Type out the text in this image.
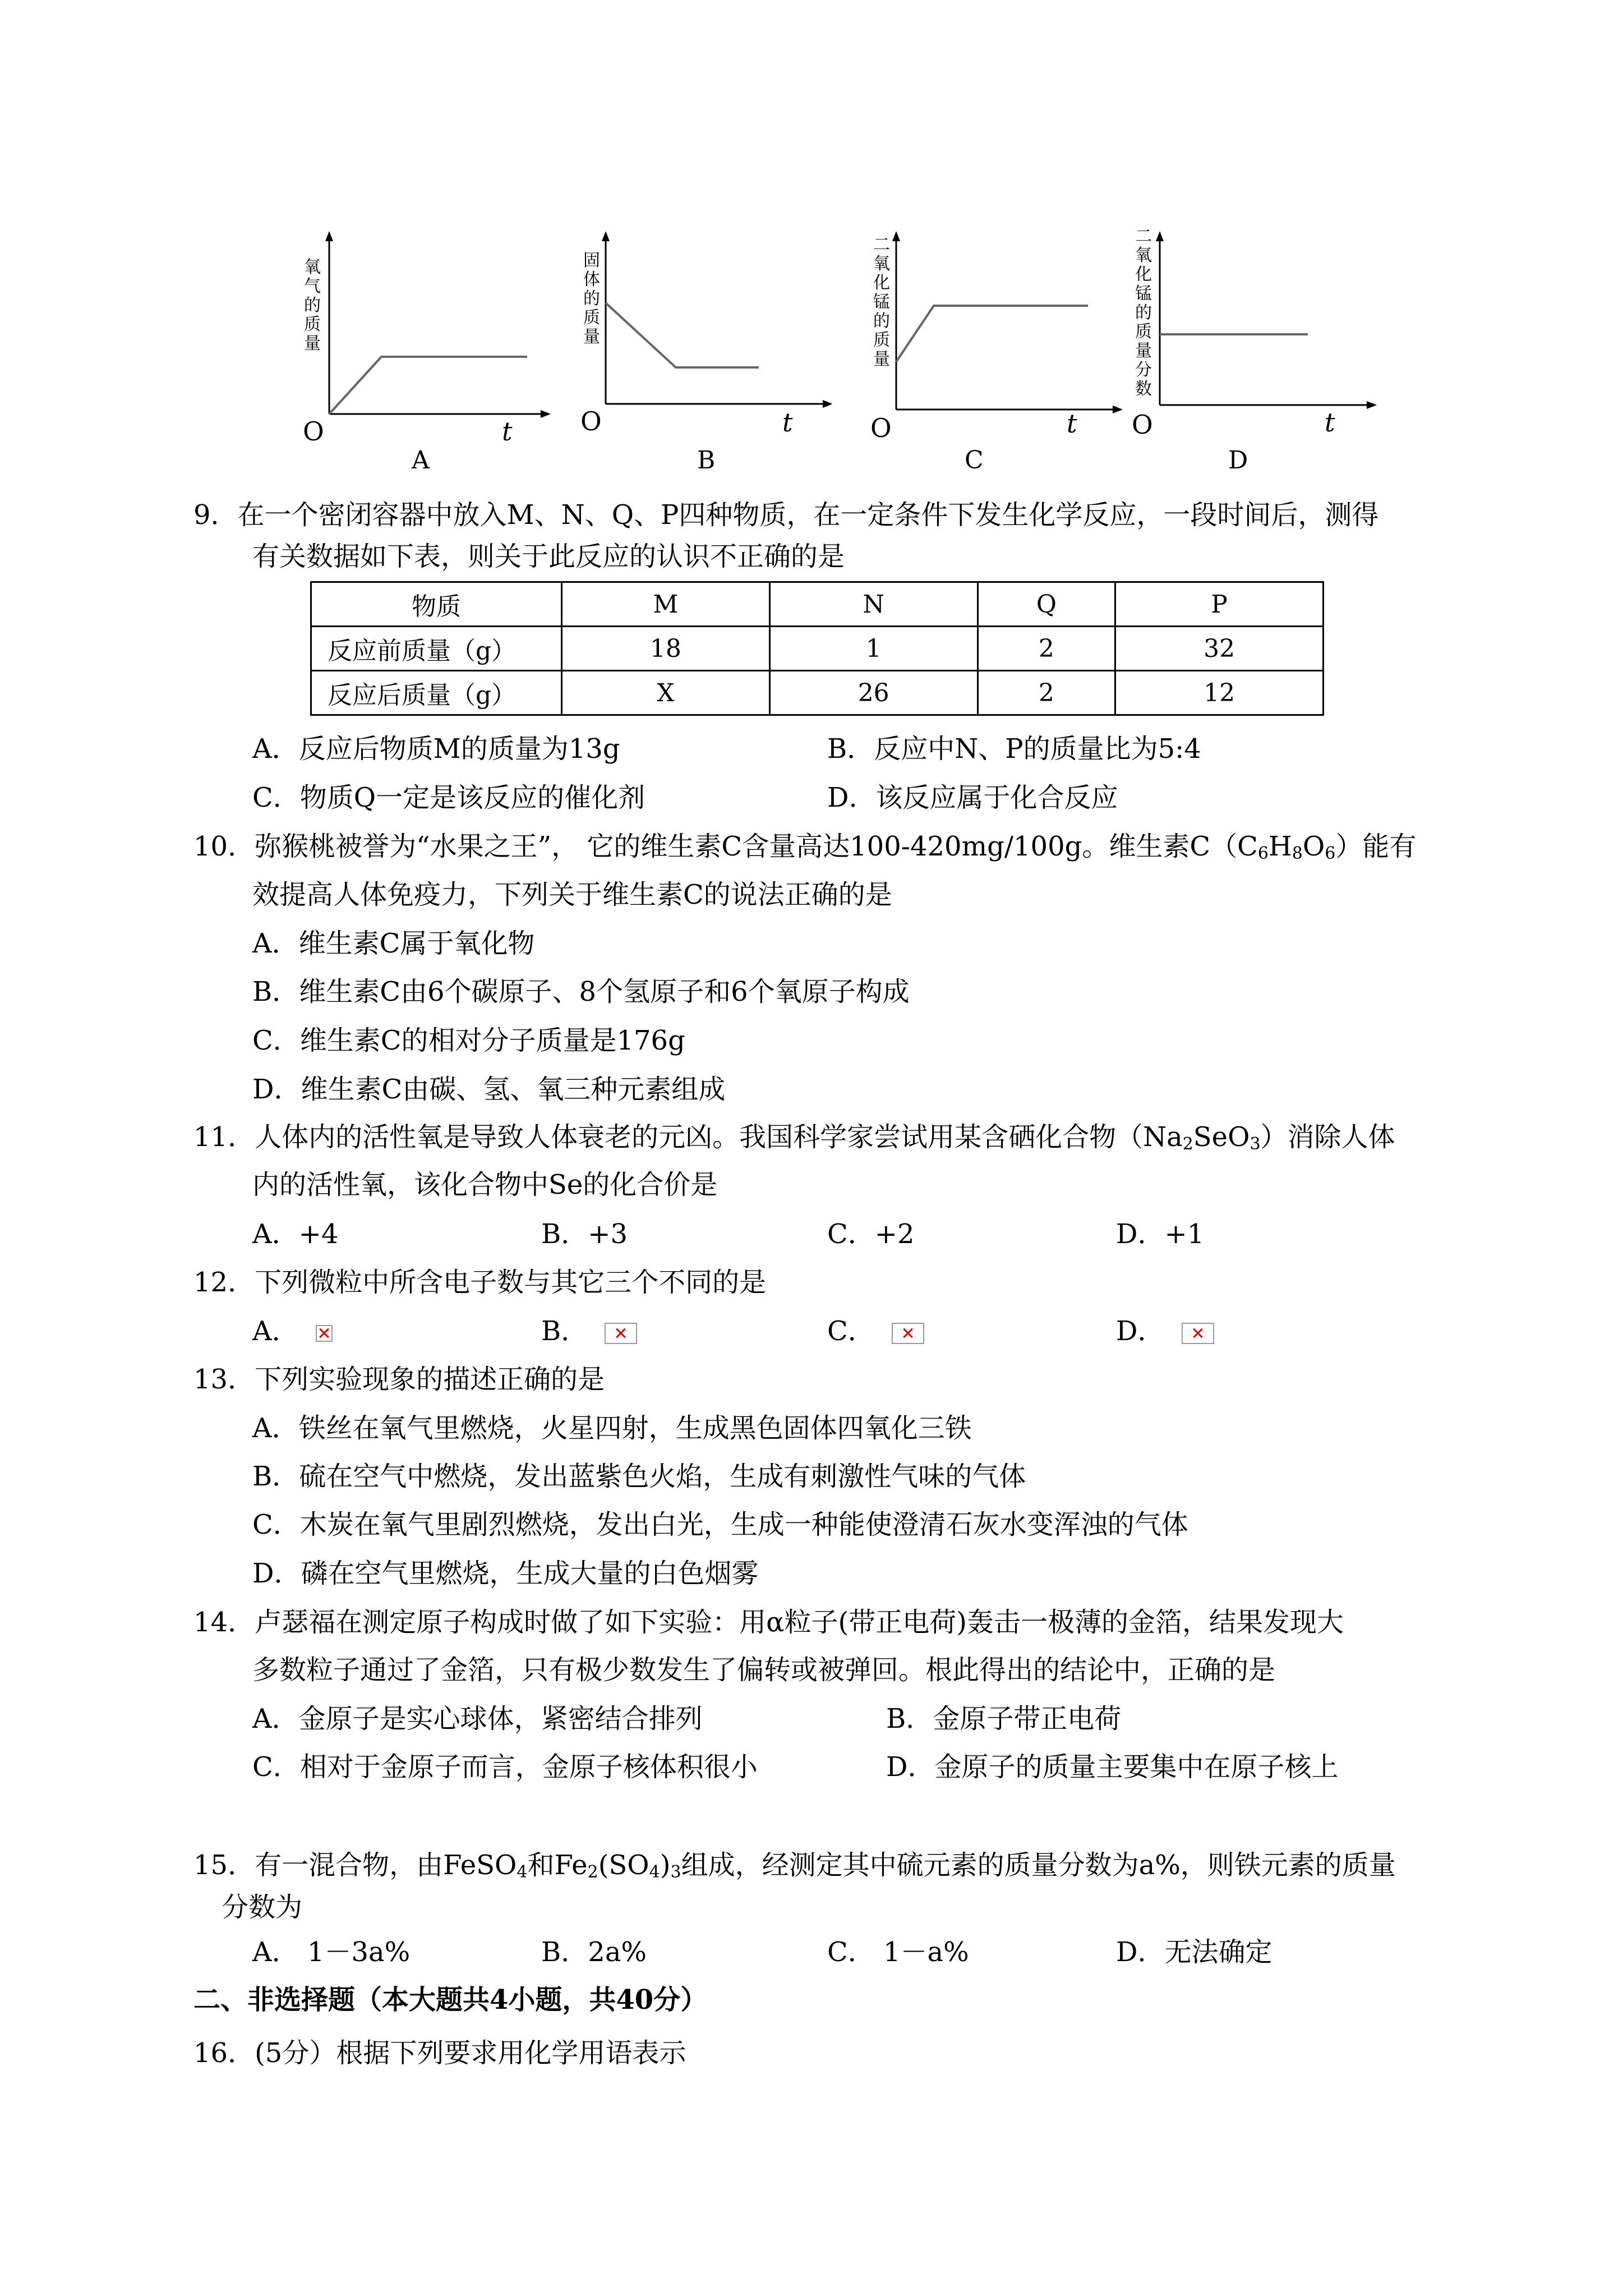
氧气的质量
O	t
A
固体的质量
O	t
B
二氧化锰的质量
O	t
C
二氧化锰的质量分数
O	t
D
9．在一个密闭容器中放入M、N、Q、P四种物质，在一定条件下发生化学反应，一段时间后，测得
有关数据如下表，则关于此反应的认识不正确的是
物质	M	N	Q	P
反应前质量（g）	18	1	2	32
反应后质量（g）	X	26	2	12
A．反应后物质M的质量为13g	B．反应中N、P的质量比为5:4
C．物质Q一定是该反应的催化剂	D．该反应属于化合反应
10．弥猴桃被誉为“水果之王”， 它的维生素C含量高达100-420mg/100g。维生素$C(C_6H_8O_6)$能有
效提高人体免疫力，下列关于维生素C的说法正确的是
A．维生素C属于氧化物
B．维生素C由6个碳原子、8个氢原子和6个氧原子构成
C．维生素C的相对分子质量是176g
D．维生素C由碳、氢、氧三种元素组成
11．人体内的活性氧是导致人体衰老的元凶。我国科学家尝试用某含硒化合物$(Na_2SeO_3)$消除人体
内的活性氧，该化合物中Se的化合价是
A．+4	B．+3	C．+2	D．+1
12．下列微粒中所含电子数与其它三个不同的是
A．	B．	C．	D．
13．下列实验现象的描述正确的是
A．铁丝在氧气里燃烧，火星四射，生成黑色固体四氧化三铁
B．硫在空气中燃烧，发出蓝紫色火焰，生成有刺激性气味的气体
C．木炭在氧气里剧烈燃烧，发出白光，生成一种能使澄清石灰水变浑浊的气体
D．磷在空气里燃烧，生成大量的白色烟雾
14．卢瑟福在测定原子构成时做了如下实验：用α粒子(带正电荷)轰击一极薄的金箔，结果发现大
多数粒子通过了金箔，只有极少数发生了偏转或被弹回。根此得出的结论中，正确的是
A．金原子是实心球体，紧密结合排列	B．金原子带正电荷
C．相对于金原子而言，金原子核体积很小	D．金原子的质量主要集中在原子核上
15．有一混合物，由FeSO$_4$和$Fe_2(SO_4)_3$组成，经测定其中硫元素的质量分数为a%，则铁元素的质量
分数为
A． 1－3a%	B．2a%	C． 1－a%	D．无法确定
二、非选择题（本大题共4小题，共40分）
16．(5分）根据下列要求用化学用语表示
